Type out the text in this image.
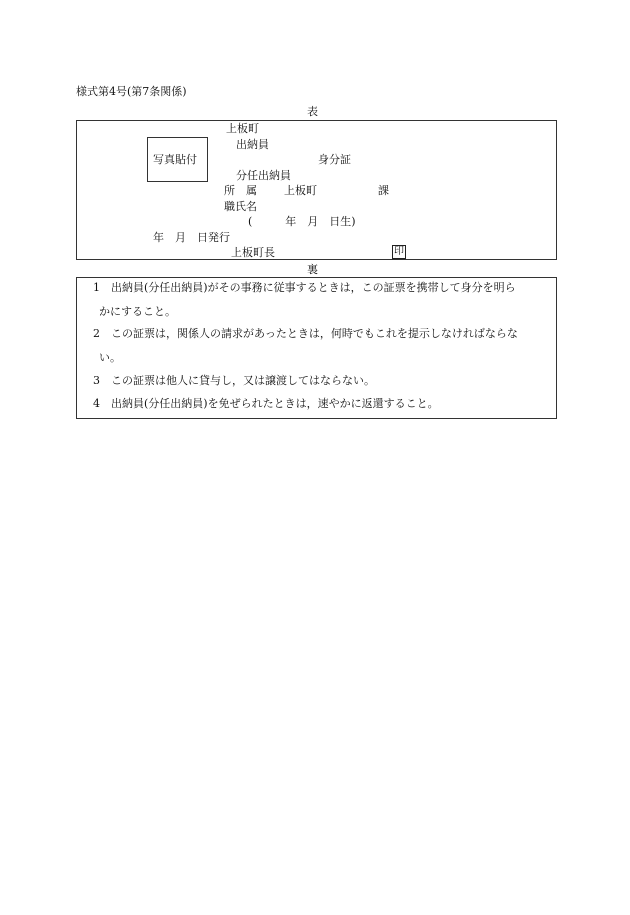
様式第4号(第7条関係)
表
写真貼付
上板町
出納員
身分証
分任出納員
所　属 上板町	課
職氏名
(　　　年　月　日生)
年　月　日発行
上板町長	印
裏
1　出納員(分任出納員)がその事務に従事するときは，この証票を携帯して身分を明ら
かにすること。
2　この証票は，関係人の請求があったときは，何時でもこれを提示しなければならな
い。
3　この証票は他人に貸与し，又は譲渡してはならない。
4　出納員(分任出納員)を免ぜられたときは，速やかに返還すること。
